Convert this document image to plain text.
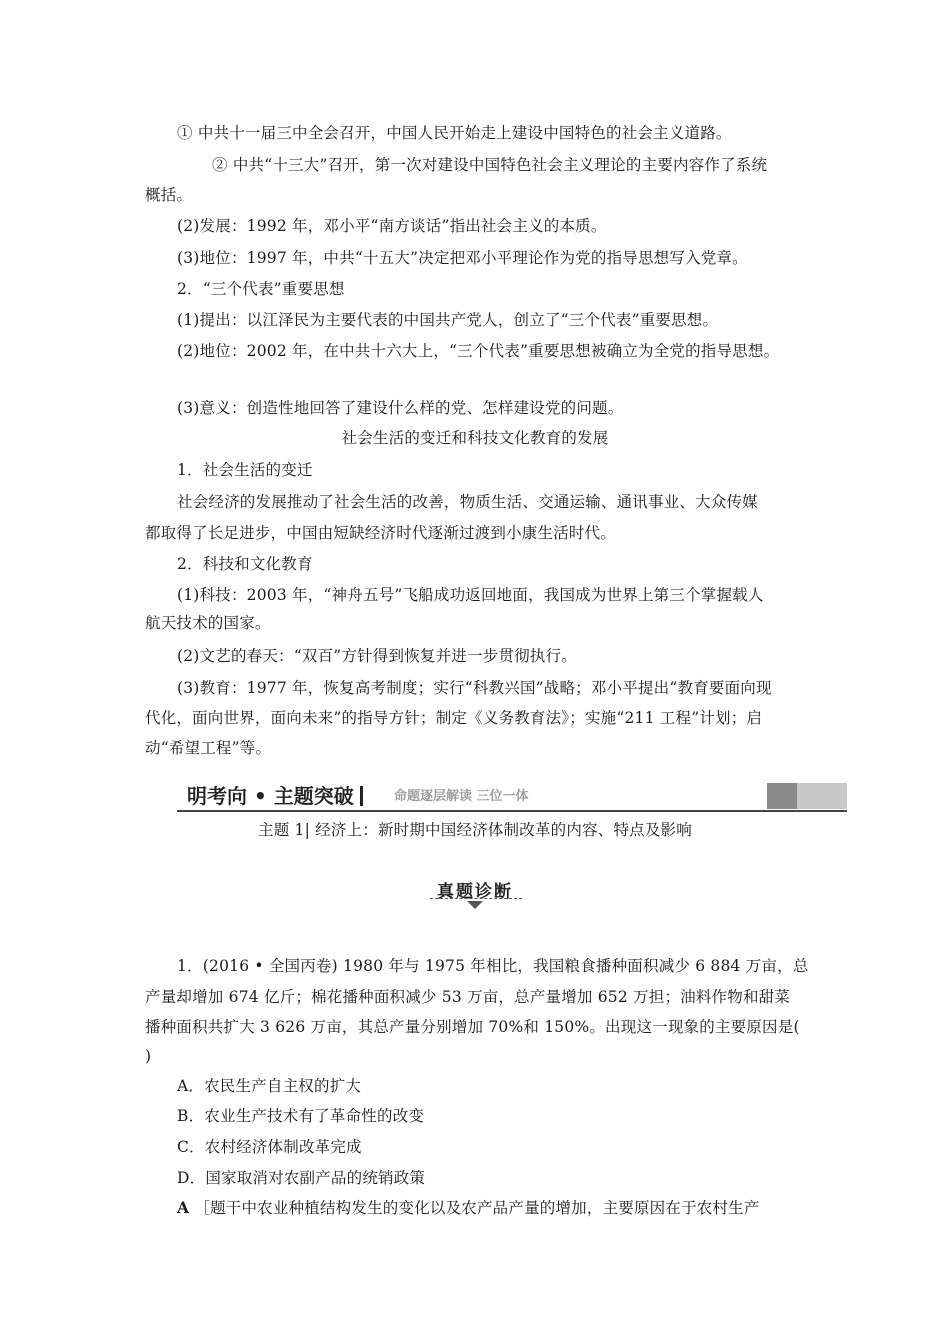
① 中共十一届三中全会召开，中国人民开始走上建设中国特色的社会主义道路。
② 中共“十三大”召开，第一次对建设中国特色社会主义理论的主要内容作了系统
概括。
(2)发展：1992 年，邓小平“南方谈话”指出社会主义的本质。
(3)地位：1997 年，中共“十五大”决定把邓小平理论作为党的指导思想写入党章。
2．“三个代表”重要思想
(1)提出：以江泽民为主要代表的中国共产党人，创立了“三个代表”重要思想。
(2)地位：2002 年，在中共十六大上，“三个代表”重要思想被确立为全党的指导思想。
(3)意义：创造性地回答了建设什么样的党、怎样建设党的问题。
社会生活的变迁和科技文化教育的发展
1．社会生活的变迁
社会经济的发展推动了社会生活的改善，物质生活、交通运输、通讯事业、大众传媒
都取得了长足进步，中国由短缺经济时代逐渐过渡到小康生活时代。
2．科技和文化教育
(1)科技：2003 年，“神舟五号”飞船成功返回地面，我国成为世界上第三个掌握载人
航天技术的国家。
(2)文艺的春天：“双百”方针得到恢复并进一步贯彻执行。
(3)教育：1977 年，恢复高考制度；实行“科教兴国”战略；邓小平提出“教育要面向现
代化，面向世界，面向未来”的指导方针；制定《义务教育法》；实施“211 工程”计划；启
动“希望工程”等。
明考向 • 主题突破	命题逐层解读 三位一体
主题 1| 经济上：新时期中国经济体制改革的内容、特点及影响
真题诊断
1．(2016 • 全国丙卷) 1980 年与 1975 年相比，我国粮食播种面积减少 6 884 万亩，总
产量却增加 674 亿斤；棉花播种面积减少 53 万亩，总产量增加 652 万担；油料作物和甜菜
播种面积共扩大 3 626 万亩，其总产量分别增加 70%和 150%。出现这一现象的主要原因是(
)
A．农民生产自主权的扩大
B．农业生产技术有了革命性的改变
C．农村经济体制改革完成
D．国家取消对农副产品的统销政策
A ［题干中农业种植结构发生的变化以及农产品产量的增加，主要原因在于农村生产
